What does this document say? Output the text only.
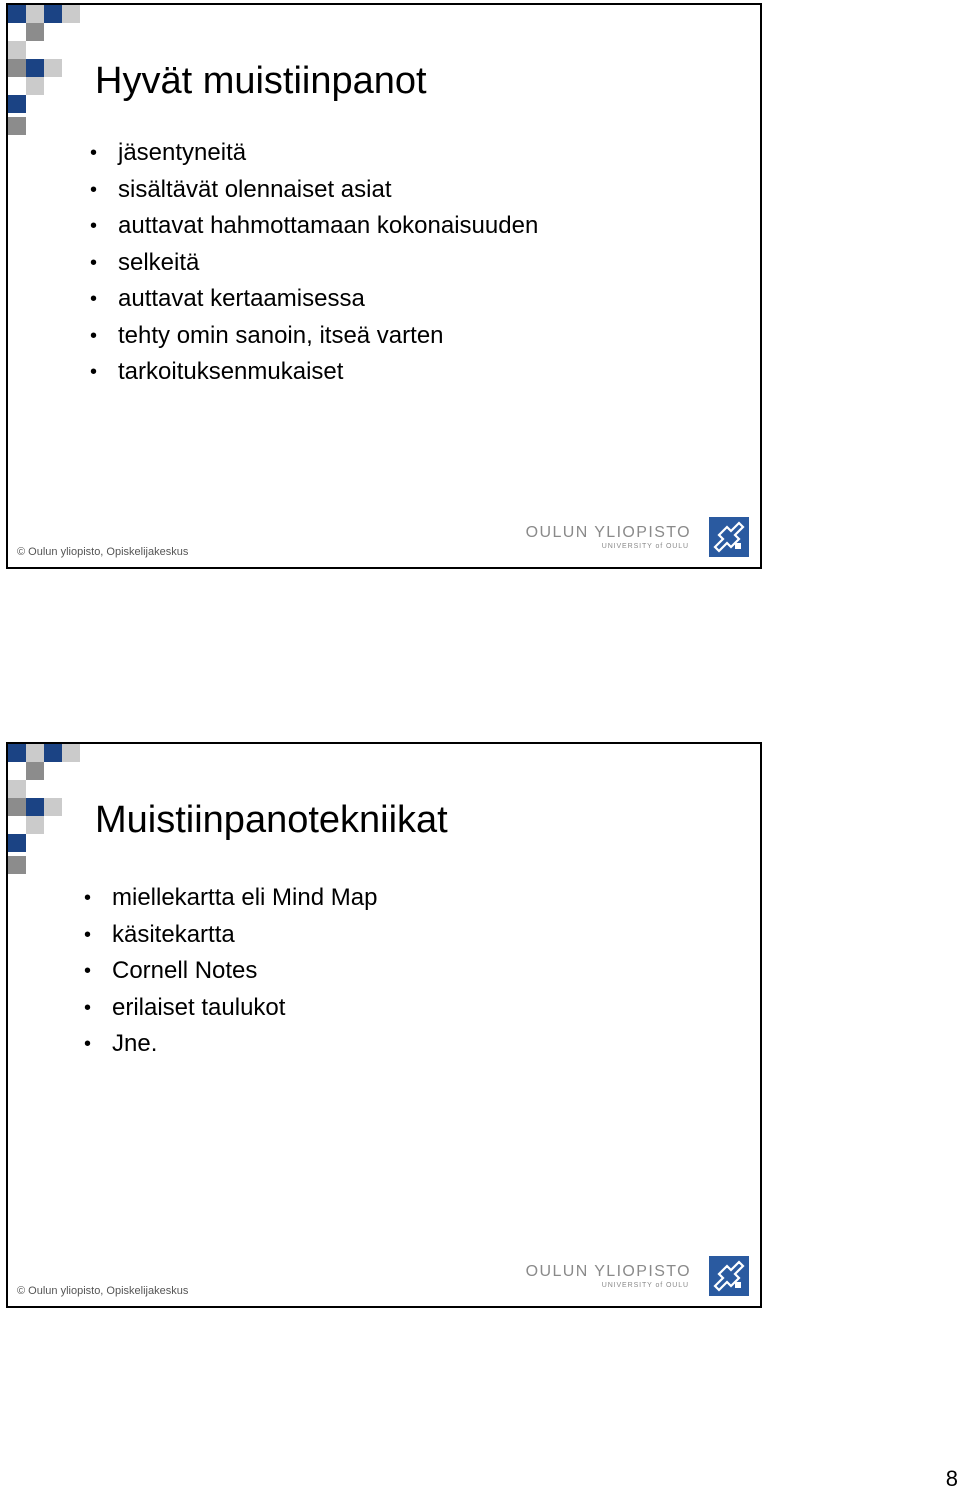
Hyvät muistiinpanot
• jäsentyneitä
• sisältävät olennaiset asiat
• auttavat hahmottamaan kokonaisuuden
• selkeitä
• auttavat kertaamisessa
• tehty omin sanoin, itseä varten
• tarkoituksenmukaiset
© Oulun yliopisto, Opiskelijakeskus
OULUN YLIOPISTO
UNIVERSITY of OULU
Muistiinpanotekniikat
• miellekartta eli Mind Map
• käsitekartta
• Cornell Notes
• erilaiset taulukot
• Jne.
© Oulun yliopisto, Opiskelijakeskus
OULUN YLIOPISTO
UNIVERSITY of OULU
8
